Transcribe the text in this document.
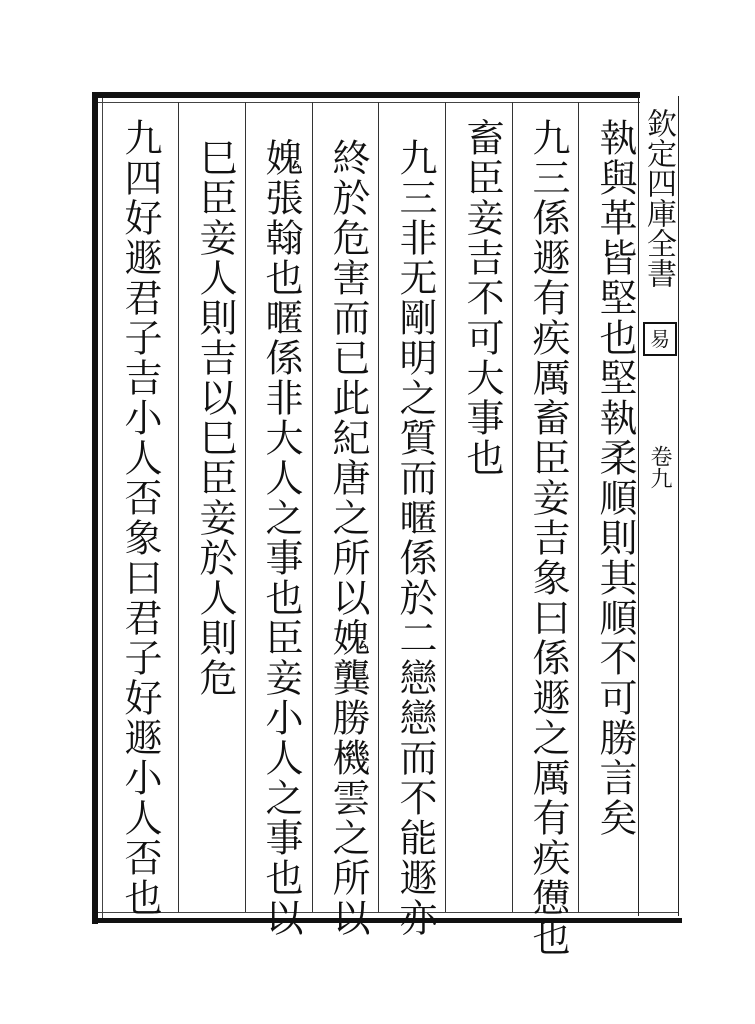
欽定四庫全書
易
卷九
執與革皆堅也堅執柔順則其順不可勝言矣
九三係遯有疾厲畜臣妾吉象曰係遯之厲有疾憊也
畜臣妾吉不可大事也
九三非无剛明之質而暱係於二戀戀而不能遯亦
終於危害而已此紀唐之所以媿龔勝機雲之所以
媿張翰也暱係非大人之事也臣妾小人之事也以
巳臣妾人則吉以巳臣妾於人則危
九四好遯君子吉小人否象曰君子好遯小人否也
